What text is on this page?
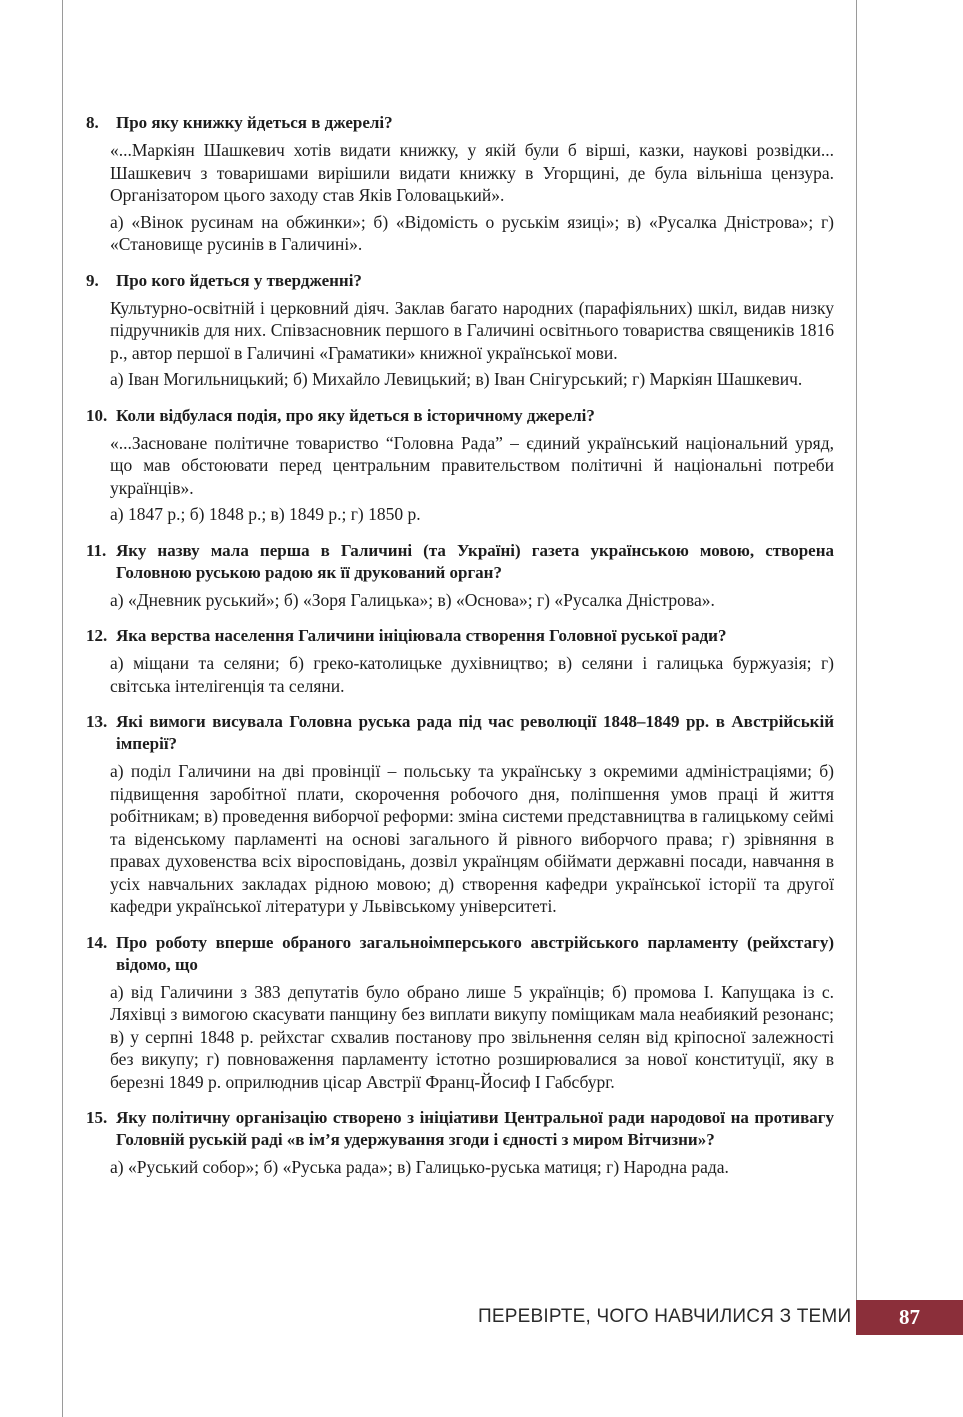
8.	Про яку книжку йдеться в джерелі?

«...Маркіян Шашкевич хотів видати книжку, у якій були б вірші, казки, наукові розвідки... Шашкевич з товаришами вирішили видати книжку в Угорщині, де була вільніша цензура. Організатором цього заходу став Яків Головацький».

а) «Вінок русинам на обжинки»; б) «Відомість о руськім язиці»; в) «Русалка Дністрова»; г) «Становище русинів в Галичині».

9.	Про кого йдеться у твердженні?

Культурно-освітній і церковний діяч. Заклав багато народних (парафіяльних) шкіл, видав низку підручників для них. Співзасновник першого в Галичині освітнього товариства священиків 1816 р., автор першої в Галичині «Граматики» книжної української мови.

а) Іван Могильницький; б) Михайло Левицький; в) Іван Снігурський; г) Маркіян Шашкевич.

10. Коли відбулася подія, про яку йдеться в історичному джерелі?

«...Засноване політичне товариство “Головна Рада” – єдиний український національний уряд, що мав обстоювати перед центральним правительством політичні й національні потреби українців».

а) 1847 р.; б) 1848 р.; в) 1849 р.; г) 1850 р.

11. Яку назву мала перша в Галичині (та Україні) газета українською мовою, створена Головною руською радою як її друкований орган?

а) «Дневник руський»; б) «Зоря Галицька»; в) «Основа»; г) «Русалка Дністрова».

12. Яка верства населення Галичини ініціювала створення Головної руської ради?

а) міщани та селяни; б) греко-католицьке духівництво; в) селяни і галицька буржуазія; г) світська інтелігенція та селяни.

13. Які вимоги висувала Головна руська рада під час революції 1848–1849 рр. в Австрійській імперії?

а) поділ Галичини на дві провінції – польську та українську з окремими адміністраціями; б) підвищення заробітної плати, скорочення робочого дня, поліпшення умов праці й життя робітникам; в) проведення виборчої реформи: зміна системи представництва в галицькому сеймі та віденському парламенті на основі загального й рівного виборчого права; г) зрівняння в правах духовенства всіх віросповідань, дозвіл українцям обіймати державні посади, навчання в усіх навчальних закладах рідною мовою; д) створення кафедри української історії та другої кафедри української літератури у Львівському університеті.

14. Про роботу вперше обраного загальноімперського австрійського парламенту (рейхстагу) відомо, що

а) від Галичини з 383 депутатів було обрано лише 5 українців; б) промова І. Капущака із с. Ляхівці з вимогою скасувати панщину без виплати викупу поміщикам мала неабиякий резонанс; в) у серпні 1848 р. рейхстаг схвалив постанову про звільнення селян від кріпосної залежності без викупу; г) повноваження парламенту істотно розширювалися за нової конституції, яку в березні 1849 р. оприлюднив цісар Австрії Франц-Йосиф І Габсбург.

15. Яку політичну організацію створено з ініціативи Центральної ради народової на противагу Головній руській раді «в ім’я удержування згоди і єдності з миром Вітчизни»?

а) «Руський собор»; б) «Руська рада»; в) Галицько-руська матиця; г) Народна рада.

ПЕРЕВІРТЕ, ЧОГО НАВЧИЛИСЯ З ТЕМИ 87
